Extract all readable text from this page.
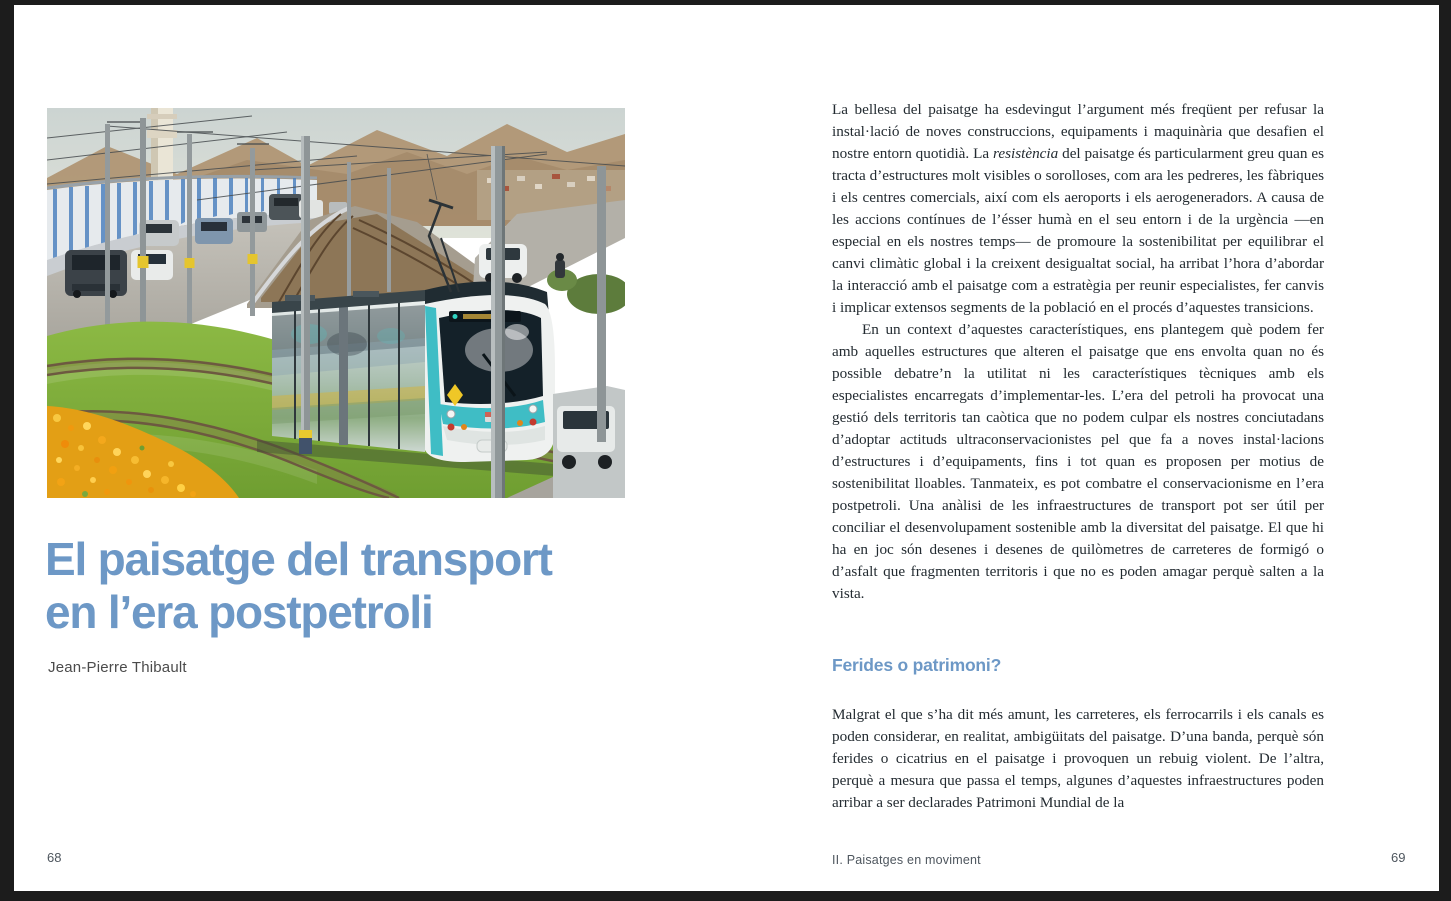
El paisatge del transport
en l’era postpetroli
Jean-Pierre Thibault
68

La bellesa del paisatge ha esdevingut l’argument més freqüent per refusar la instal·lació de noves construccions, equipaments i maquinària que desafien el nostre entorn quotidià. La resistència del paisatge és particularment greu quan es tracta d’estructures molt visibles o sorolloses, com ara les pedreres, les fàbriques i els centres comercials, així com els aeroports i els aerogeneradors. A causa de les accions contínues de l’ésser humà en el seu entorn i de la urgència —en especial en els nostres temps— de promoure la sostenibilitat per equilibrar el canvi climàtic global i la creixent desigualtat social, ha arribat l’hora d’abordar la interacció amb el paisatge com a estratègia per reunir especialistes, fer canvis i implicar extensos segments de la població en el procés d’aquestes transicions.

En un context d’aquestes característiques, ens plantegem què podem fer amb aquelles estructures que alteren el paisatge que ens envolta quan no és possible debatre’n la utilitat ni les característiques tècniques amb els especialistes encarregats d’implementar-les. L’era del petroli ha provocat una gestió dels territoris tan caòtica que no podem culpar els nostres conciutadans d’adoptar actituds ultraconservacionistes pel que fa a noves instal·lacions d’estructures i d’equipaments, fins i tot quan es proposen per motius de sostenibilitat lloables. Tanmateix, es pot combatre el conservacionisme en l’era postpetroli. Una anàlisi de les infraestructures de transport pot ser útil per conciliar el desenvolupament sostenible amb la diversitat del paisatge. El que hi ha en joc són desenes i desenes de quilòmetres de carreteres de formigó o d’asfalt que fragmenten territoris i que no es poden amagar perquè salten a la vista.

Ferides o patrimoni?

Malgrat el que s’ha dit més amunt, les carreteres, els ferrocarrils i els canals es poden considerar, en realitat, ambigüitats del paisatge. D’una banda, perquè són ferides o cicatrius en el paisatge i provoquen un rebuig violent. De l’altra, perquè a mesura que passa el temps, algunes d’aquestes infraestructures poden arribar a ser declarades Patrimoni Mundial de la

II. Paisatges en moviment	69
